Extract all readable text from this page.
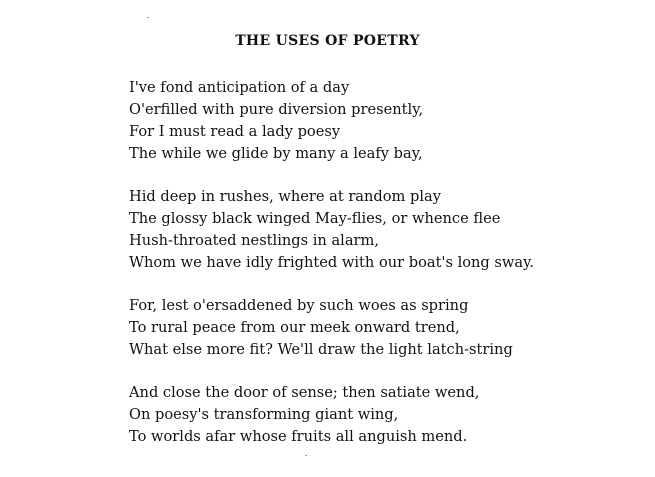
THE USES OF POETRY
I've fond anticipation of a day
O'erfilled with pure diversion presently,
For I must read a lady poesy
The while we glide by many a leafy bay,
Hid deep in rushes, where at random play
The glossy black winged May-flies, or whence flee
Hush-throated nestlings in alarm,
Whom we have idly frighted with our boat's long sway.
For, lest o'ersaddened by such woes as spring
To rural peace from our meek onward trend,
What else more fit? We'll draw the light latch-string
And close the door of sense; then satiate wend,
On poesy's transforming giant wing,
To worlds afar whose fruits all anguish mend.
